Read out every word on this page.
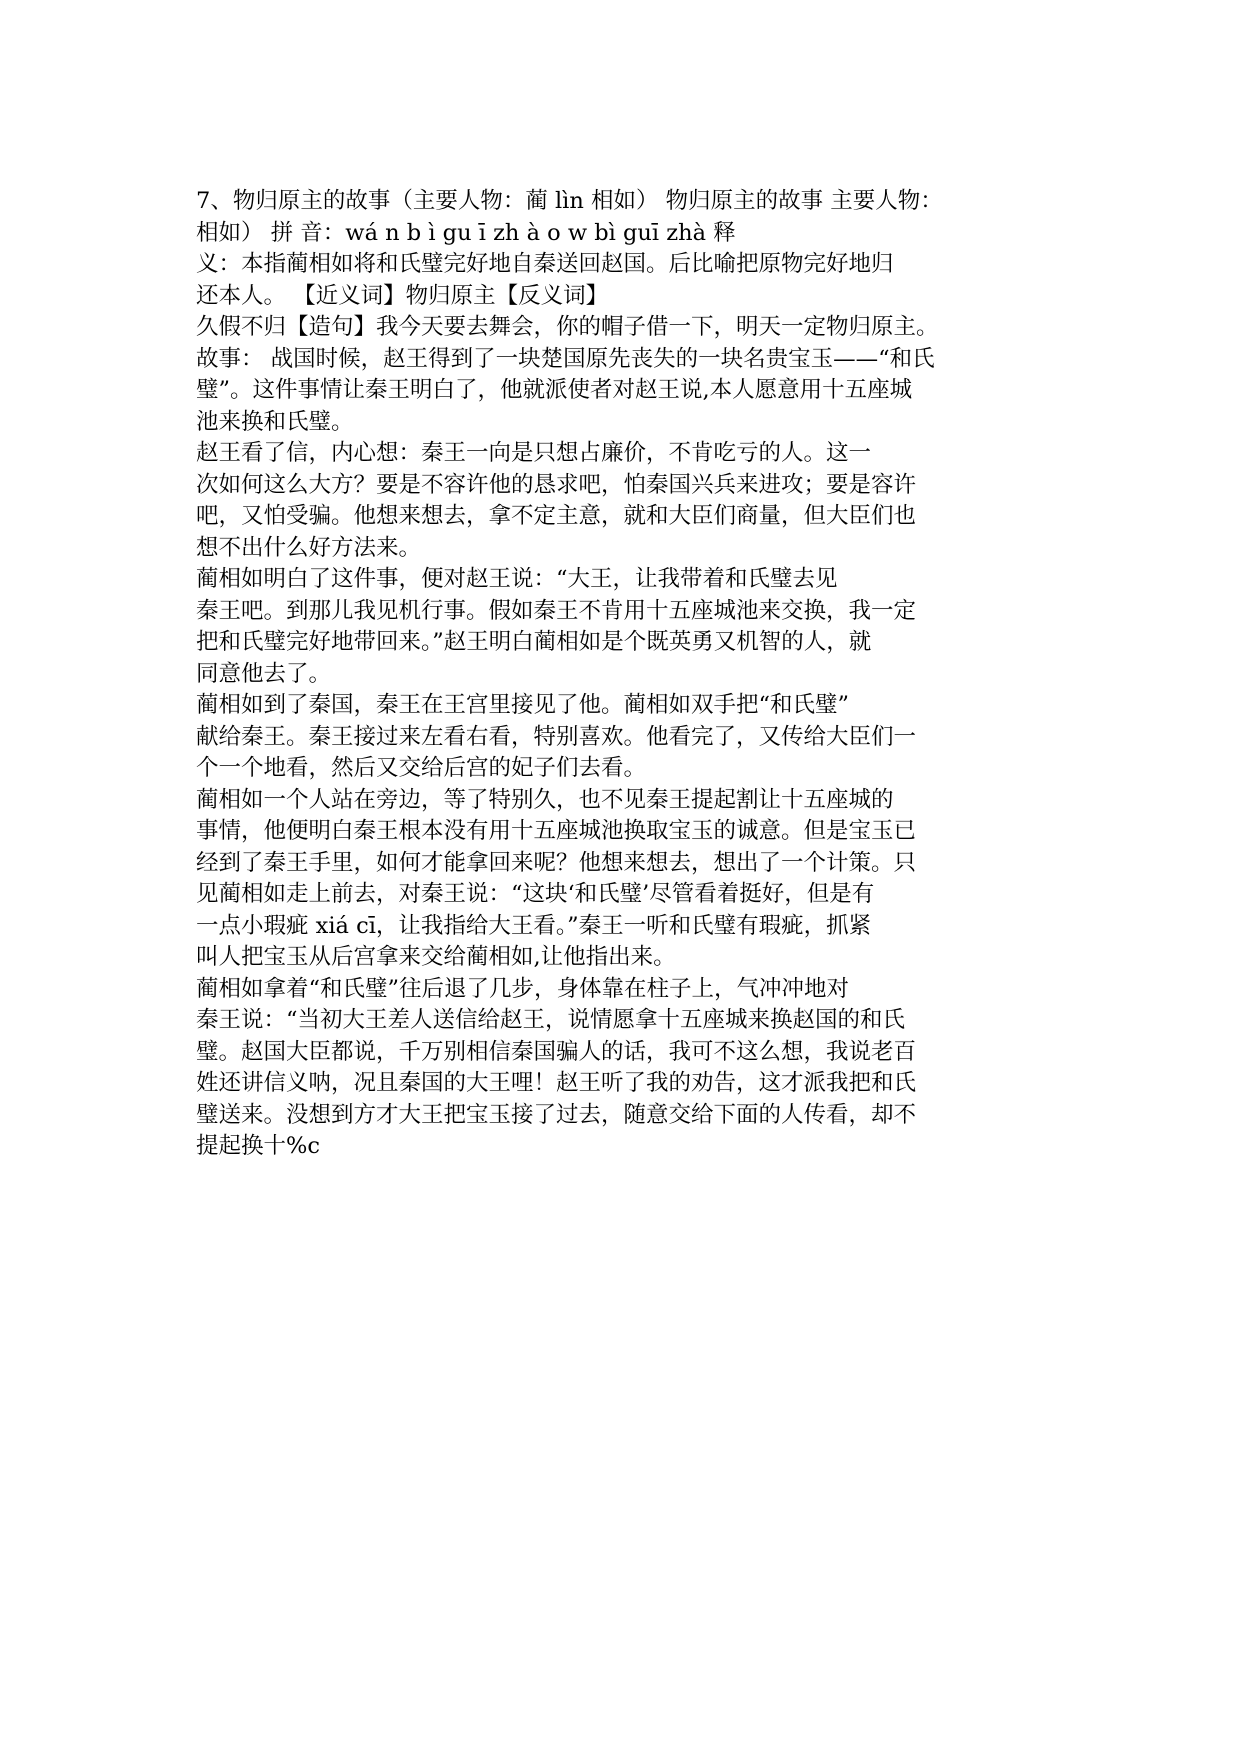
7、物归原主的故事（主要人物：蔺 lìn 相如） 物归原主的故事 主要人物：
相如） 拼 音：wá n b ì gu ī zh à o w bì guī zhà 释
义：本指蔺相如将和氏璧完好地自秦送回赵国。后比喻把原物完好地归
还本人。 【近义词】物归原主【反义词】
久假不归【造句】我今天要去舞会，你的帽子借一下，明天一定物归原主。
故事： 战国时候，赵王得到了一块楚国原先丧失的一块名贵宝玉——“和氏
璧”。这件事情让秦王明白了，他就派使者对赵王说,本人愿意用十五座城
池来换和氏璧。
赵王看了信，内心想：秦王一向是只想占廉价，不肯吃亏的人。这一
次如何这么大方？要是不容许他的恳求吧，怕秦国兴兵来进攻；要是容许
吧，又怕受骗。他想来想去，拿不定主意，就和大臣们商量，但大臣们也
想不出什么好方法来。
蔺相如明白了这件事，便对赵王说：“大王，让我带着和氏璧去见
秦王吧。到那儿我见机行事。假如秦王不肯用十五座城池来交换，我一定
把和氏璧完好地带回来。”赵王明白蔺相如是个既英勇又机智的人，就
同意他去了。
蔺相如到了秦国，秦王在王宫里接见了他。蔺相如双手把“和氏璧”
献给秦王。秦王接过来左看右看，特别喜欢。他看完了，又传给大臣们一
个一个地看，然后又交给后宫的妃子们去看。
蔺相如一个人站在旁边，等了特别久，也不见秦王提起割让十五座城的
事情，他便明白秦王根本没有用十五座城池换取宝玉的诚意。但是宝玉已
经到了秦王手里，如何才能拿回来呢？他想来想去，想出了一个计策。只
见蔺相如走上前去，对秦王说：“这块‘和氏璧’尽管看着挺好，但是有
一点小瑕疵 xiá cī，让我指给大王看。”秦王一听和氏璧有瑕疵，抓紧
叫人把宝玉从后宫拿来交给蔺相如,让他指出来。
蔺相如拿着“和氏璧”往后退了几步，身体靠在柱子上，气冲冲地对
秦王说：“当初大王差人送信给赵王，说情愿拿十五座城来换赵国的和氏
璧。赵国大臣都说，千万别相信秦国骗人的话，我可不这么想，我说老百
姓还讲信义呐，况且秦国的大王哩！赵王听了我的劝告，这才派我把和氏
璧送来。没想到方才大王把宝玉接了过去，随意交给下面的人传看，却不
提起换十%c
